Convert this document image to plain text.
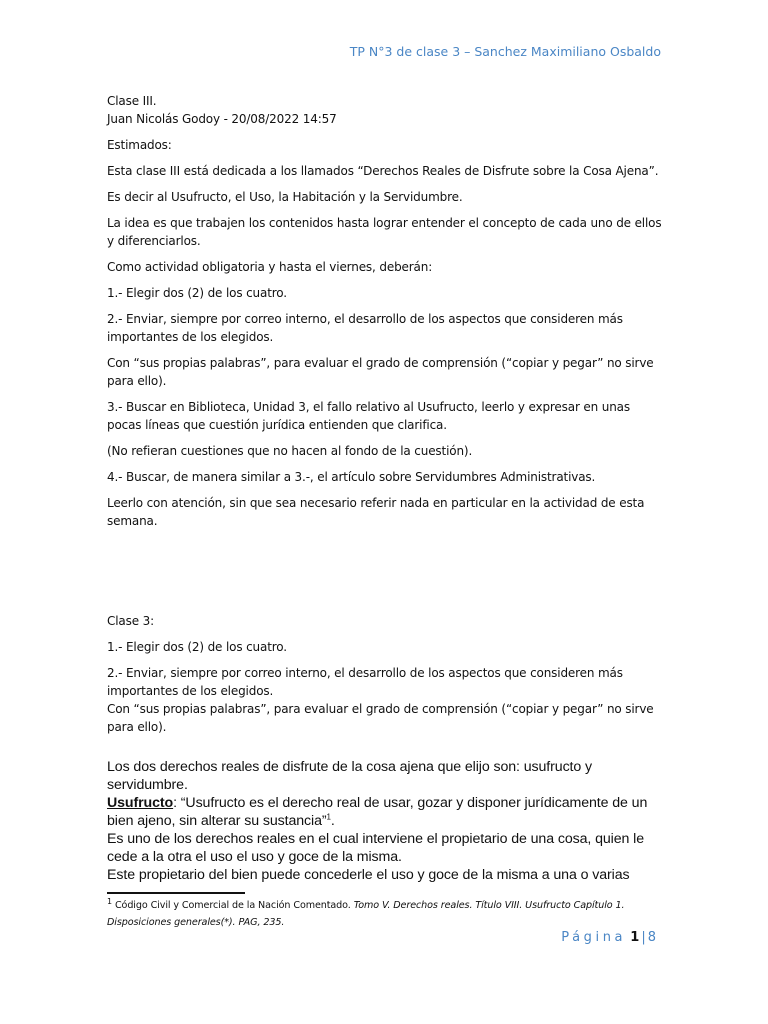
TP N°3 de clase 3 – Sanchez Maximiliano Osbaldo

Clase III.

Juan Nicolás Godoy - 20/08/2022 14:57

Estimados:

Esta clase III está dedicada a los llamados “Derechos Reales de Disfrute sobre la Cosa Ajena”.

Es decir al Usufructo, el Uso, la Habitación y la Servidumbre.

La idea es que trabajen los contenidos hasta lograr entender el concepto de cada uno de ellos y diferenciarlos.

Como actividad obligatoria y hasta el viernes, deberán:

1.- Elegir dos (2) de los cuatro.

2.- Enviar, siempre por correo interno, el desarrollo de los aspectos que consideren más importantes de los elegidos.

Con “sus propias palabras”, para evaluar el grado de comprensión (“copiar y pegar” no sirve para ello).

3.- Buscar en Biblioteca, Unidad 3, el fallo relativo al Usufructo, leerlo y expresar en unas pocas líneas que cuestión jurídica entienden que clarifica.

(No refieran cuestiones que no hacen al fondo de la cuestión).

4.- Buscar, de manera similar a 3.-, el artículo sobre Servidumbres Administrativas.

Leerlo con atención, sin que sea necesario referir nada en particular en la actividad de esta semana.

Clase 3:

1.- Elegir dos (2) de los cuatro.

2.- Enviar, siempre por correo interno, el desarrollo de los aspectos que consideren más importantes de los elegidos.

Con “sus propias palabras”, para evaluar el grado de comprensión (“copiar y pegar” no sirve para ello).

Los dos derechos reales de disfrute de la cosa ajena que elijo son: usufructo y servidumbre.

Usufructo: “Usufructo es el derecho real de usar, gozar y disponer jurídicamente de un bien ajeno, sin alterar su sustancia”$^1$.

Es uno de los derechos reales en el cual interviene el propietario de una cosa, quien le cede a la otra el uso el uso y goce de la misma.

Este propietario del bien puede concederle el uso y goce de la misma a una o varias

$^1$ Código Civil y Comercial de la Nación Comentado. Tomo V. Derechos reales. Título VIII. Usufructo Capítulo 1. Disposiciones generales(*). PAG, 235.
Página 1 | 8
